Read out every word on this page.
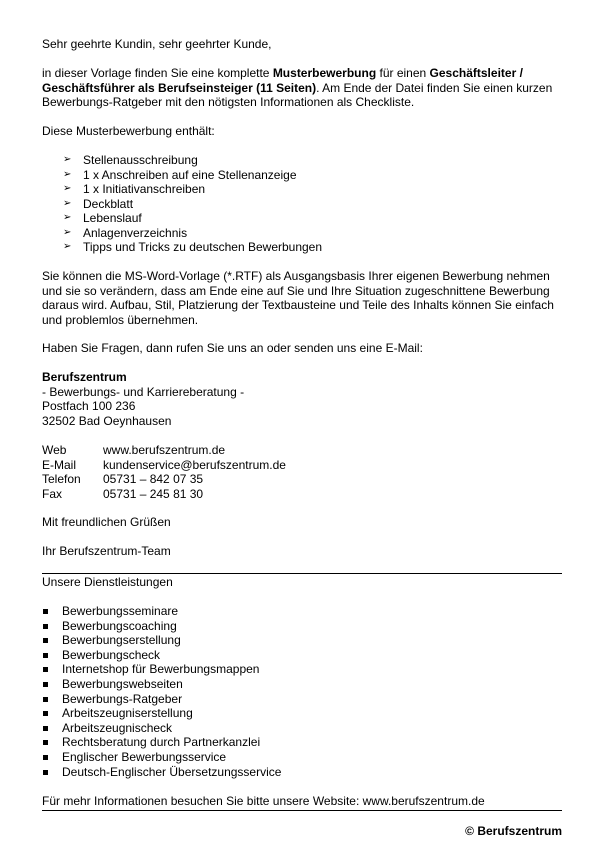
Sehr geehrte Kundin, sehr geehrter Kunde,
in dieser Vorlage finden Sie eine komplette Musterbewerbung für einen Geschäftsleiter / Geschäftsführer als Berufseinsteiger (11 Seiten). Am Ende der Datei finden Sie einen kurzen Bewerbungs-Ratgeber mit den nötigsten Informationen als Checkliste.
Diese Musterbewerbung enthält:
➢ Stellenausschreibung
➢ 1 x Anschreiben auf eine Stellenanzeige
➢ 1 x Initiativanschreiben
➢ Deckblatt
➢ Lebenslauf
➢ Anlagenverzeichnis
➢ Tipps und Tricks zu deutschen Bewerbungen
Sie können die MS-Word-Vorlage (*.RTF) als Ausgangsbasis Ihrer eigenen Bewerbung nehmen und sie so verändern, dass am Ende eine auf Sie und Ihre Situation zugeschnittene Bewerbung daraus wird. Aufbau, Stil, Platzierung der Textbausteine und Teile des Inhalts können Sie einfach und problemlos übernehmen.
Haben Sie Fragen, dann rufen Sie uns an oder senden uns eine E-Mail:

Berufszentrum

- Bewerbungs- und Karriereberatung -

Postfach 100 236

32502 Bad Oeynhausen

Web	www.berufszentrum.de
E-Mail kundenservice@berufszentrum.de
Telefon 05731 – 842 07 35
Fax	05731 – 245 81 30
Mit freundlichen Grüßen
Ihr Berufszentrum-Team
Unsere Dienstleistungen
Bewerbungsseminare
Bewerbungscoaching
Bewerbungserstellung
Bewerbungscheck
Internetshop für Bewerbungsmappen
Bewerbungswebseiten
Bewerbungs-Ratgeber
Arbeitszeugniserstellung
Arbeitszeugnischeck
Rechtsberatung durch Partnerkanzlei
Englischer Bewerbungsservice
Deutsch-Englischer Übersetzungsservice
Für mehr Informationen besuchen Sie bitte unsere Website: www.berufszentrum.de
© Berufszentrum
